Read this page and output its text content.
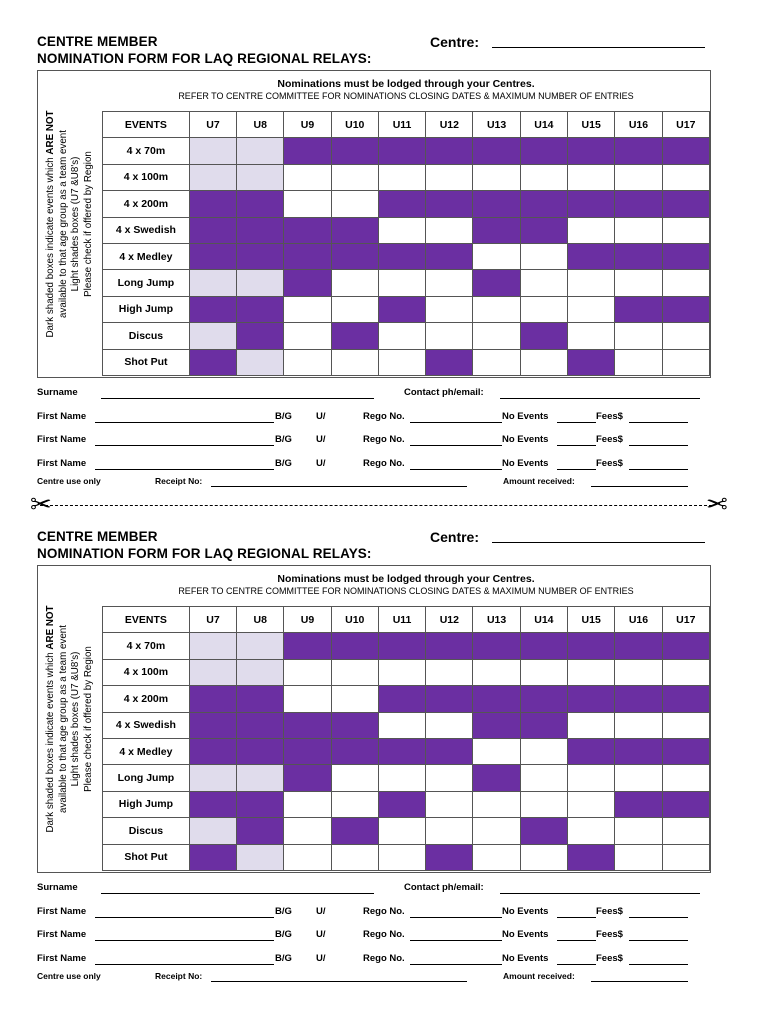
CENTRE MEMBER
NOMINATION FORM FOR LAQ REGIONAL RELAYS:
Centre:
Dark shaded boxes indicate events which ARE NOT available to that age group as a team event Light shades boxes (U7 &U8's) Please check if offered by Region
Nominations must be lodged through your Centres.
REFER TO CENTRE COMMITTEE FOR NOMINATIONS CLOSING DATES & MAXIMUM NUMBER OF ENTRIES
EVENTS	U7	U8	U9	U10	U11	U12	U13	U14	U15	U16	U17
4 x 70m											
4 x 100m											
4 x 200m											
4 x Swedish											
4 x Medley											
Long Jump											
High Jump											
Discus											
Shot Put											
Surname	Contact ph/email:
First Name	B/G	U/	Rego No.	No Events	Fees$
First Name	B/G	U/	Rego No.	No Events	Fees$
First Name	B/G	U/	Rego No.	No Events	Fees$
Centre use only	Receipt No:	Amount received:
CENTRE MEMBER
NOMINATION FORM FOR LAQ REGIONAL RELAYS:
Centre:
Dark shaded boxes indicate events which ARE NOT available to that age group as a team event Light shades boxes (U7 &U8's) Please check if offered by Region
Nominations must be lodged through your Centres.
REFER TO CENTRE COMMITTEE FOR NOMINATIONS CLOSING DATES & MAXIMUM NUMBER OF ENTRIES
EVENTS	U7	U8	U9	U10	U11	U12	U13	U14	U15	U16	U17
4 x 70m											
4 x 100m											
4 x 200m											
4 x Swedish											
4 x Medley											
Long Jump											
High Jump											
Discus											
Shot Put											
Surname	Contact ph/email:
First Name	B/G	U/	Rego No.	No Events	Fees$
First Name	B/G	U/	Rego No.	No Events	Fees$
First Name	B/G	U/	Rego No.	No Events	Fees$
Centre use only	Receipt No:	Amount received:
✂	✂
